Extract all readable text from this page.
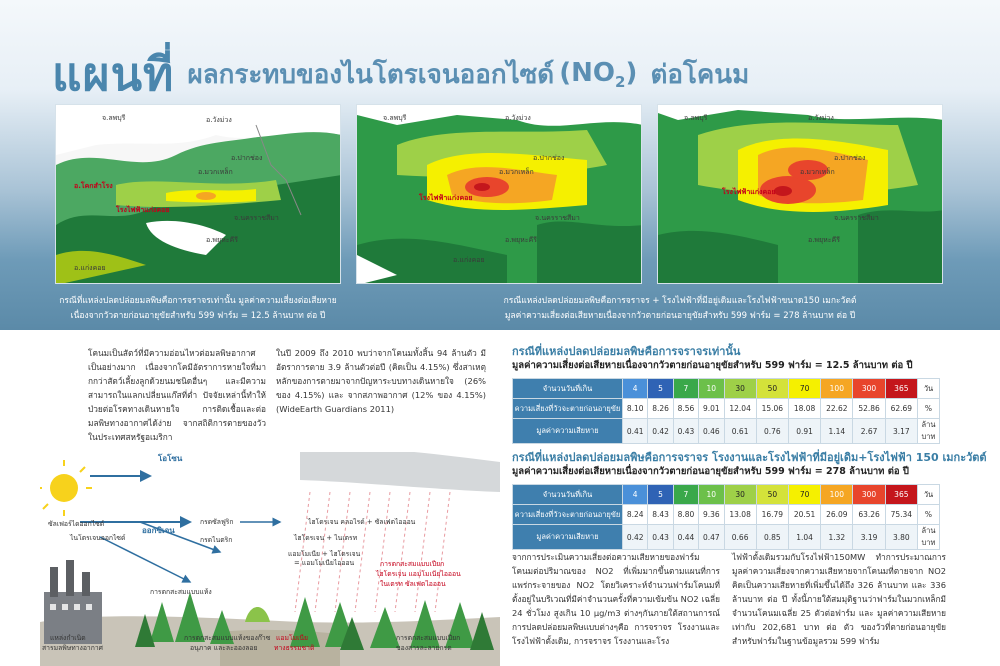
แผนที่ ผลกระทบของไนโตรเจนออกไซด์ $(NO_2)$ ต่อโคนม
จ.ลพบุรี	อ.วังม่วง
อ.ปากช่อง
อ.มวกเหล็ก
อ.โคกสำโรง
โรงไฟฟ้าแก่งคอย
จ.นครราชสีมา
อ.พยุหะคีรี
อ.แก่งคอย
จ.ลพบุรี	อ.วังม่วง
อ.ปากช่อง
อ.มวกเหล็ก
โรงไฟฟ้าแก่งคอย
จ.นครราชสีมา
อ.พยุหะคีรี
อ.แก่งคอย
จ.ลพบุรี	อ.วังม่วง
อ.ปากช่อง
อ.มวกเหล็ก
โรงไฟฟ้าแก่งคอย
จ.นครราชสีมา
อ.พยุหะคีรี
กรณีที่แหล่งปลดปล่อยมลพิษคือการจราจรเท่านั้น มูลค่าความเสี่ยงต่อเสียหาย
เนื่องจากวัวตายก่อนอายุขัยสำหรับ 599 ฟาร์ม = 12.5 ล้านบาท ต่อ ปี
กรณีแหล่งปลดปล่อยมลพิษคือการจราจร + โรงไฟฟ้าที่มีอยู่เดิมและโรงไฟฟ้าขนาด150 เมกะวัตต์
มูลค่าความเสี่ยงต่อเสียหายเนื่องจากวัวตายก่อนอายุขัยสำหรับ 599 ฟาร์ม = 278 ล้านบาท ต่อ ปี
โคนมเป็นสัตว์ที่มีความอ่อนไหวต่อมลพิษอากาศเป็นอย่างมาก เนื่องจากโคมีอัตราการหายใจที่มากกว่าสัตว์เลี้ยงลูกด้วยนมชนิดอื่นๆ และมีความสามารถในแลกเปลี่ยนแก๊สที่ต่ำ ปัจจัยเหล่านี้ทำให้ป่วยต่อโรคทางเดินหายใจ การติดเชื้อและต่อมลพิษทางอากาศได้ง่าย จากสถิติการตายของวัวในประเทศสหรัฐอเมริกา
ในปี 2009 ถึง 2010 พบว่าจากโคนมทั้งสิ้น 94 ล้านตัว มีอัตราการตาย 3.9 ล้านตัวต่อปี (คิดเป็น 4.15%) ซึ่งสาเหตุหลักของการตายมาจากปัญหาระบบทางเดินหายใจ (26% ของ 4.15%) และ จากสภาพอากาศ (12% ของ 4.15%) (WideEarth Guardians 2011)
จากการประเมินความเสี่ยงต่อความเสียหายของฟาร์มโคนมต่อปริมาณของ NO2 ที่เพิ่มมากขึ้นตามแผนที่การแพร่กระจายของ NO2 โดยวิเคราะห์จำนวนฟาร์มโคนมที่ตั้งอยู่ในบริเวณที่มีค่าจำนวนครั้งที่ความเข้มข้น NO2 เฉลี่ย 24 ชั่วโมง สูงเกิน 10 µg/m3 ต่างๆกันภายใต้สถานการณ์การปลดปล่อยมลพิษแบบต่างๆคือ การจราจร โรงงานและโรงไฟฟ้าตั้งเดิม, การจราจร โรงงานและโรง
ไฟฟ้าตั้งเดิมรวมกับโรงไฟฟ้า150MW ทำการประมาณการมูลค่าความเสี่ยงจากความเสียหายจากโคนมที่ตายจาก NO2 คิดเป็นความเสียหายที่เพิ่มขึ้นได้ถึง 326 ล้านบาท และ 336 ล้านบาท ต่อ ปี ทั้งนี้ภายใต้สมมุติฐานว่าฟาร์มในมวกเหล็กมีจำนวนโคนมเฉลี่ย 25 ตัวต่อฟาร์ม และ มูลค่าความเสียหายเท่ากับ 202,681 บาท ต่อ ตัว ของวัวที่ตายก่อนอายุขัย สำหรับฟาร์มในฐานข้อมูลรวม 599 ฟาร์ม
กรณีที่แหล่งปลดปล่อยมลพิษคือการจราจรเท่านั้น
มูลค่าความเสี่ยงต่อเสียหายเนื่องจากวัวตายก่อนอายุขัยสำหรับ 599 ฟาร์ม = 12.5 ล้านบาท ต่อ ปี
จำนวนวันที่เกิน	4	5	7	10	30	50	70	100	300	365	วัน
ความเสี่ยงที่วัวจะตายก่อนอายุขัย	8.10	8.26	8.56	9.01	12.04	15.06	18.08	22.62	52.86	62.69	%
มูลค่าความเสียหาย	0.41	0.42	0.43	0.46	0.61	0.76	0.91	1.14	2.67	3.17	ล้านบาท
กรณีที่แหล่งปลดปล่อยมลพิษคือการจราจร โรงงานและโรงไฟฟ้าที่มีอยู่เดิม+โรงไฟฟ้า 150 เมกะวัตต์
มูลค่าความเสี่ยงต่อเสียหายเนื่องจากวัวตายก่อนอายุขัยสำหรับ 599 ฟาร์ม = 278 ล้านบาท ต่อ ปี
จำนวนวันที่เกิน	4	5	7	10	30	50	70	100	300	365	วัน
ความเสี่ยงที่วัวจะตายก่อนอายุขัย	8.24	8.43	8.80	9.36	13.08	16.79	20.51	26.09	63.26	75.34	%
มูลค่าความเสียหาย	0.42	0.43	0.44	0.47	0.66	0.85	1.04	1.32	3.19	3.80	ล้านบาท
โอโซน
ซัลเฟอร์ไดออกไซด์
ไนโตรเจนออกไซด์
ออกซิเจน
กรดซัลฟูริก
กรดไนตริก
การตกสะสมแบบแห้ง
ไฮโดรเจน คลอไรด์ + ซัลเฟตไอออน
ไฮโดรเจน + ไนเตรท
แอมโมเนีย + ไฮโดรเจน
= แอมโมเนียไอออน	การตกสะสมแบบเปียก
ไฮโดรเจน แอมโมเนียไอออน
ในเตรท ซัลเฟตไอออน
แหล่งกำเนิด
สารมลพิษทางอากาศ
การตกสะสมแบบแห้งของก๊าซ
อนุภาค และละอองลอย
แอมโมเนีย
ทางธรรมชาติ
การตกสะสมแบบเปียก
ของสารละลายกรด
